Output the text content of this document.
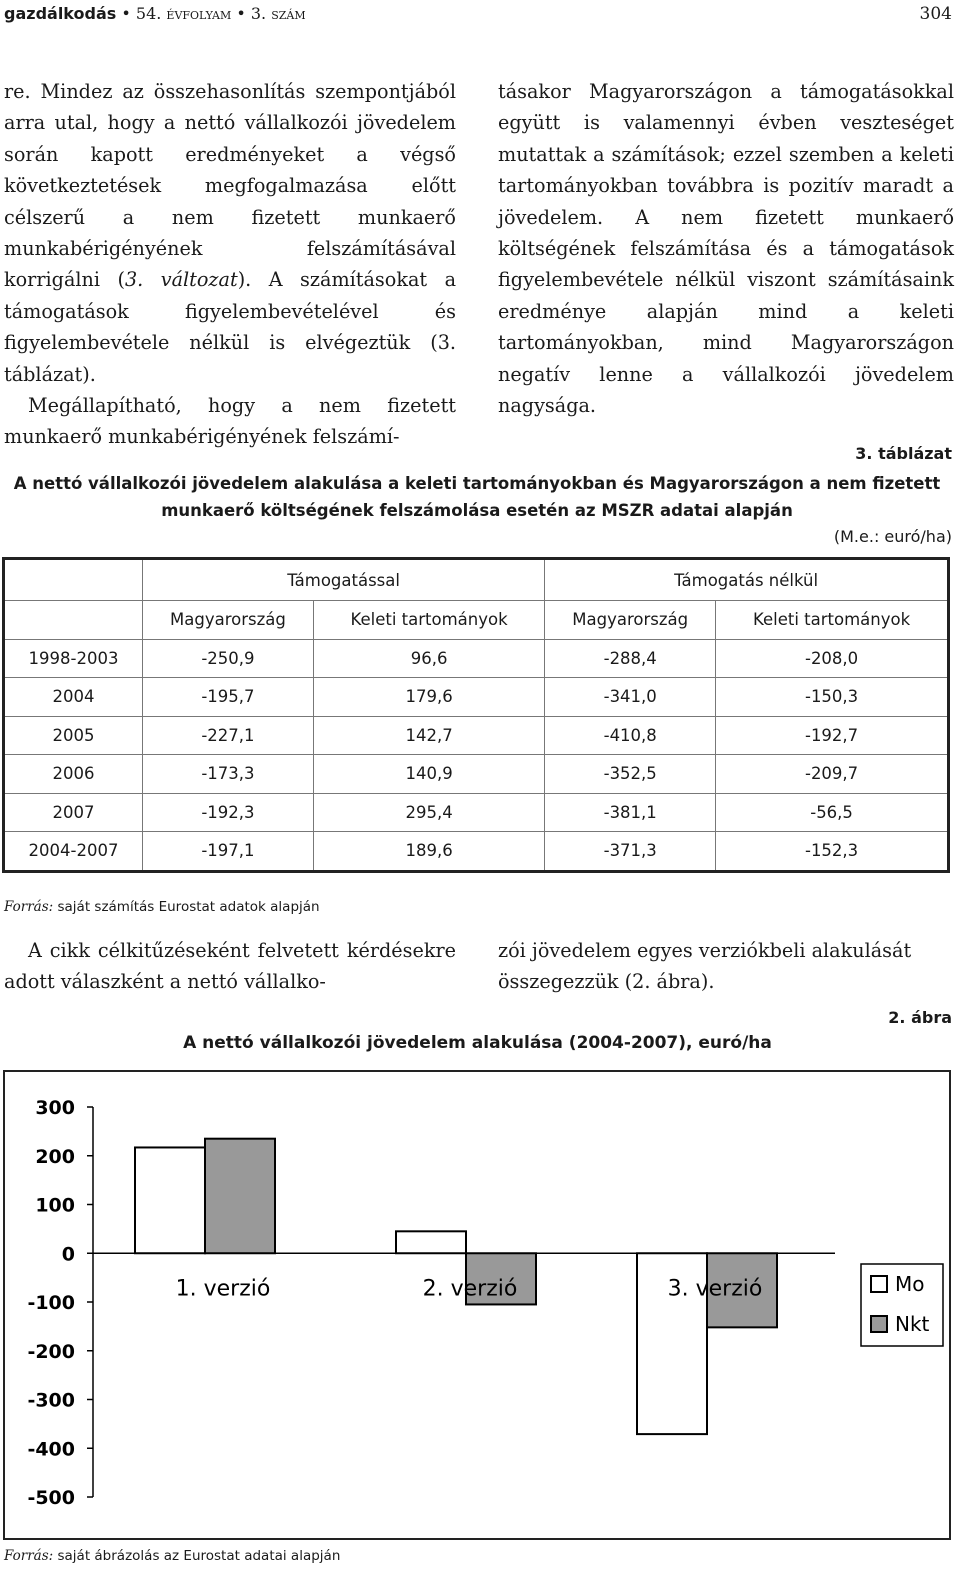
gazdálkodás • 54. évfolyam • 3. szám	304

re. Mindez az összehasonlítás szempontjából arra utal, hogy a nettó vállalkozói jövedelem során kapott eredményeket a végső következtetések megfogalmazása előtt célszerű a nem fizetett munkaerő munkabérigényének felszámításával korrigálni (3. változat). A számításokat a támogatások figyelembevételével és figyelembevétele nélkül is elvégeztük (3. táblázat).

Megállapítható, hogy a nem fizetett munkaerő munkabérigényének felszámí-

tásakor Magyarországon a támogatásokkal együtt is valamennyi évben veszteséget mutattak a számítások; ezzel szemben a keleti tartományokban továbbra is pozitív maradt a jövedelem. A nem fizetett munkaerő költségének felszámítása és a támogatások figyelembevétele nélkül viszont számításaink eredménye alapján mind a keleti tartományokban, mind Magyarországon negatív lenne a vállalkozói jövedelem nagysága.

3. táblázat
A nettó vállalkozói jövedelem alakulása a keleti tartományokban és Magyarországon a nem fizetett munkaerő költségének felszámolása esetén az MSZR adatai alapján
(M.e.: euró/ha)
	Támogatással		Támogatás nélkül	
	Magyarország	Keleti tartományok	Magyarország	Keleti tartományok
1998-2003	-250,9	96,6	-288,4	-208,0
2004	-195,7	179,6	-341,0	-150,3
2005	-227,1	142,7	-410,8	-192,7
2006	-173,3	140,9	-352,5	-209,7
2007	-192,3	295,4	-381,1	-56,5
2004-2007	-197,1	189,6	-371,3	-152,3
Forrás: saját számítás Eurostat adatok alapján

A cikk célkitűzéseként felvetett kérdésekre adott válaszként a nettó vállalko-

zói jövedelem egyes verziókbeli alakulását összegezzük (2. ábra).

2. ábra
A nettó vállalkozói jövedelem alakulása (2004-2007), euró/ha
300
200
100
0
-100
-200
-300
-400
-500
1. verzió	2. verzió	3. verzió	Mo
Nkt
Forrás: saját ábrázolás az Eurostat adatai alapján
